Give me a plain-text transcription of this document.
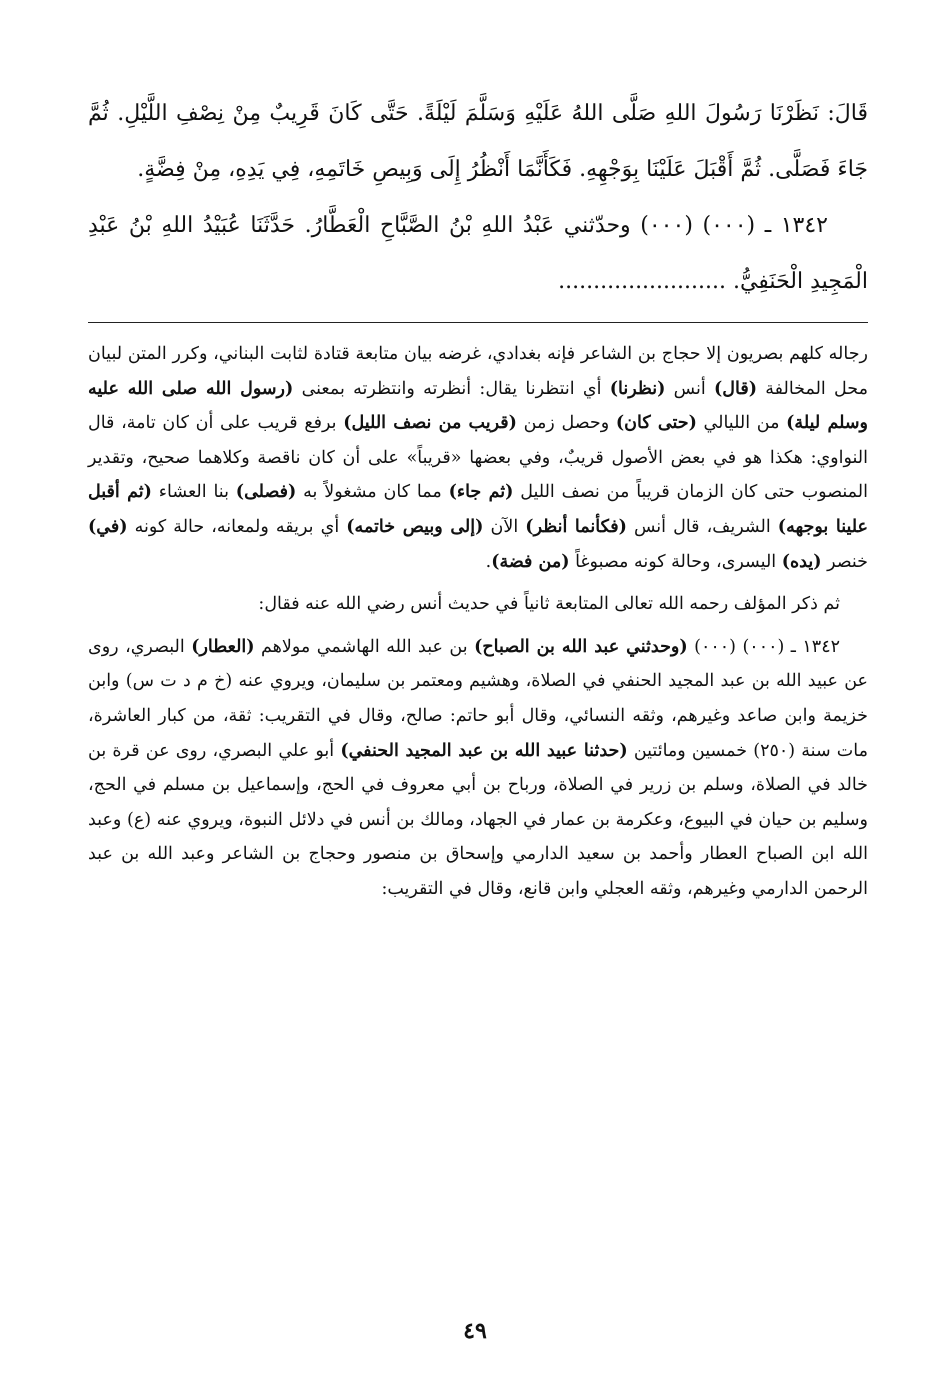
قَالَ: نَظَرْنَا رَسُولَ اللهِ صَلَّى اللهُ عَلَيْهِ وَسَلَّمَ لَيْلَةً. حَتَّى كَانَ قَرِيبٌ مِنْ نِصْفِ اللَّيْلِ. ثُمَّ جَاءَ فَصَلَّى. ثُمَّ أَقْبَلَ عَلَيْنَا بِوَجْهِهِ. فَكَأَنَّمَا أَنْظُرُ إِلَى وَبِيصِ خَاتَمِهِ، فِي يَدِهِ، مِنْ فِضَّةٍ.

١٣٤٢ ـ (٠٠٠) (٠٠٠) وحدّثني عَبْدُ اللهِ بْنُ الصَّبَّاحِ الْعَطَّارُ. حَدَّثَنَا عُبَيْدُ اللهِ بْنُ عَبْدِ الْمَجِيدِ الْحَنَفِيُّ. ........................

رجاله كلهم بصريون إلا حجاج بن الشاعر فإنه بغدادي، غرضه بيان متابعة قتادة لثابت البناني، وكرر المتن لبيان محل المخالفة (قال) أنس (نظرنا) أي انتظرنا يقال: أنظرته وانتظرته بمعنى (رسول الله صلى الله عليه وسلم ليلة) من الليالي (حتى كان) وحصل زمن (قريب من نصف الليل) برفع قريب على أن كان تامة، قال النواوي: هكذا هو في بعض الأصول قريبٌ، وفي بعضها «قريباً» على أن كان ناقصة وكلاهما صحيح، وتقدير المنصوب حتى كان الزمان قريباً من نصف الليل (ثم جاء) مما كان مشغولاً به (فصلى) بنا العشاء (ثم أقبل علينا بوجهه) الشريف، قال أنس (فكأنما أنظر) الآن (إلى وبيص خاتمه) أي بريقه ولمعانه، حالة كونه (في) خنصر (يده) اليسرى، وحالة كونه مصبوغاً (من فضة).

ثم ذكر المؤلف رحمه الله تعالى المتابعة ثانياً في حديث أنس رضي الله عنه فقال:

١٣٤٢ ـ (٠٠٠) (٠٠٠) (وحدثني عبد الله بن الصباح) بن عبد الله الهاشمي مولاهم (العطار) البصري، روى عن عبيد الله بن عبد المجيد الحنفي في الصلاة، وهشيم ومعتمر بن سليمان، ويروي عنه (خ م د ت س) وابن خزيمة وابن صاعد وغيرهم، وثقه النسائي، وقال أبو حاتم: صالح، وقال في التقريب: ثقة، من كبار العاشرة، مات سنة (٢٥٠) خمسين ومائتين (حدثنا عبيد الله بن عبد المجيد الحنفي) أبو علي البصري، روى عن قرة بن خالد في الصلاة، وسلم بن زرير في الصلاة، ورباح بن أبي معروف في الحج، وإسماعيل بن مسلم في الحج، وسليم بن حيان في البيوع، وعكرمة بن عمار في الجهاد، ومالك بن أنس في دلائل النبوة، ويروي عنه (ع) وعبد الله ابن الصباح العطار وأحمد بن سعيد الدارمي وإسحاق بن منصور وحجاج بن الشاعر وعبد الله بن عبد الرحمن الدارمي وغيرهم، وثقه العجلي وابن قانع، وقال في التقريب:

٤٩
